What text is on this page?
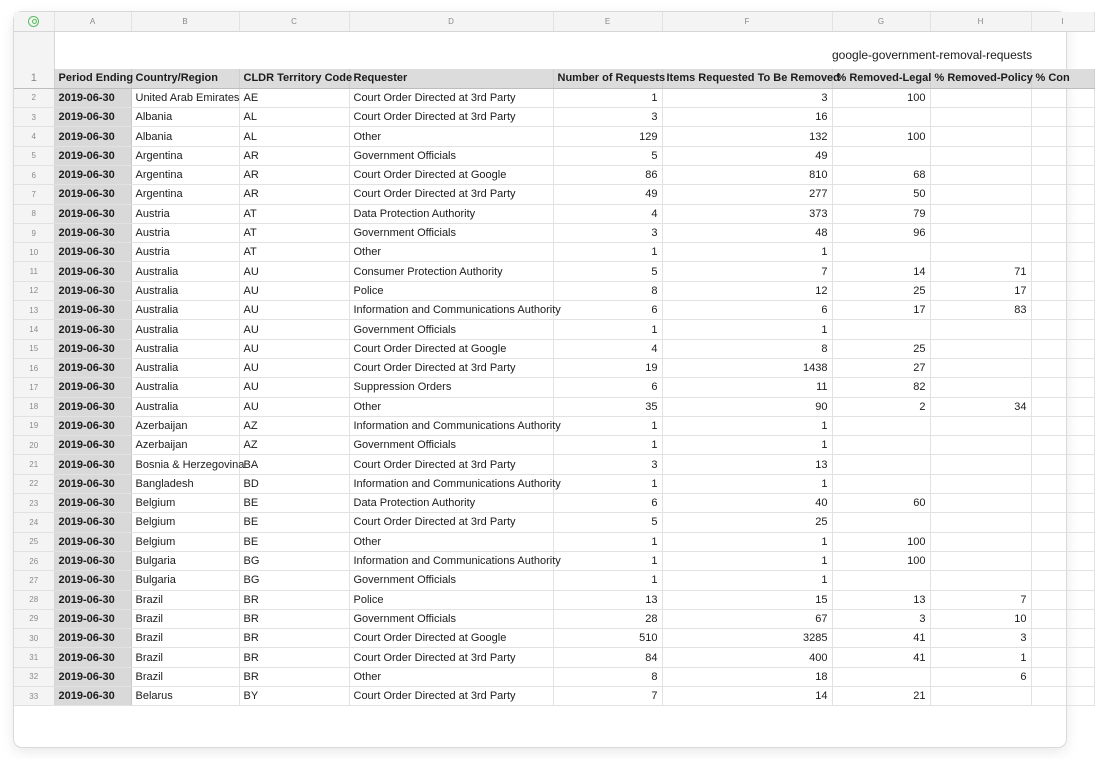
	A	B	C	D	E	F	G	H	I
							google-government-removal-requests		
1	Period Ending	Country/Region	CLDR Territory Code	Requester	Number of Requests	Items Requested To Be Removed	% Removed-Legal	% Removed-Policy	% Con
2	2019-06-30	United Arab Emirates	AE	Court Order Directed at 3rd Party	1	3	100		
3	2019-06-30	Albania	AL	Court Order Directed at 3rd Party	3	16			
4	2019-06-30	Albania	AL	Other	129	132	100		
5	2019-06-30	Argentina	AR	Government Officials	5	49			
6	2019-06-30	Argentina	AR	Court Order Directed at Google	86	810	68		
7	2019-06-30	Argentina	AR	Court Order Directed at 3rd Party	49	277	50		
8	2019-06-30	Austria	AT	Data Protection Authority	4	373	79		
9	2019-06-30	Austria	AT	Government Officials	3	48	96		
10	2019-06-30	Austria	AT	Other	1	1			
11	2019-06-30	Australia	AU	Consumer Protection Authority	5	7	14	71	
12	2019-06-30	Australia	AU	Police	8	12	25	17	
13	2019-06-30	Australia	AU	Information and Communications Authority	6	6	17	83	
14	2019-06-30	Australia	AU	Government Officials	1	1			
15	2019-06-30	Australia	AU	Court Order Directed at Google	4	8	25		
16	2019-06-30	Australia	AU	Court Order Directed at 3rd Party	19	1438	27		
17	2019-06-30	Australia	AU	Suppression Orders	6	11	82		
18	2019-06-30	Australia	AU	Other	35	90	2	34	
19	2019-06-30	Azerbaijan	AZ	Information and Communications Authority	1	1			
20	2019-06-30	Azerbaijan	AZ	Government Officials	1	1			
21	2019-06-30	Bosnia & Herzegovina	BA	Court Order Directed at 3rd Party	3	13			
22	2019-06-30	Bangladesh	BD	Information and Communications Authority	1	1			
23	2019-06-30	Belgium	BE	Data Protection Authority	6	40	60		
24	2019-06-30	Belgium	BE	Court Order Directed at 3rd Party	5	25			
25	2019-06-30	Belgium	BE	Other	1	1	100		
26	2019-06-30	Bulgaria	BG	Information and Communications Authority	1	1	100		
27	2019-06-30	Bulgaria	BG	Government Officials	1	1			
28	2019-06-30	Brazil	BR	Police	13	15	13	7	
29	2019-06-30	Brazil	BR	Government Officials	28	67	3	10	
30	2019-06-30	Brazil	BR	Court Order Directed at Google	510	3285	41	3	
31	2019-06-30	Brazil	BR	Court Order Directed at 3rd Party	84	400	41	1	
32	2019-06-30	Brazil	BR	Other	8	18		6	
33	2019-06-30	Belarus	BY	Court Order Directed at 3rd Party	7	14	21		
